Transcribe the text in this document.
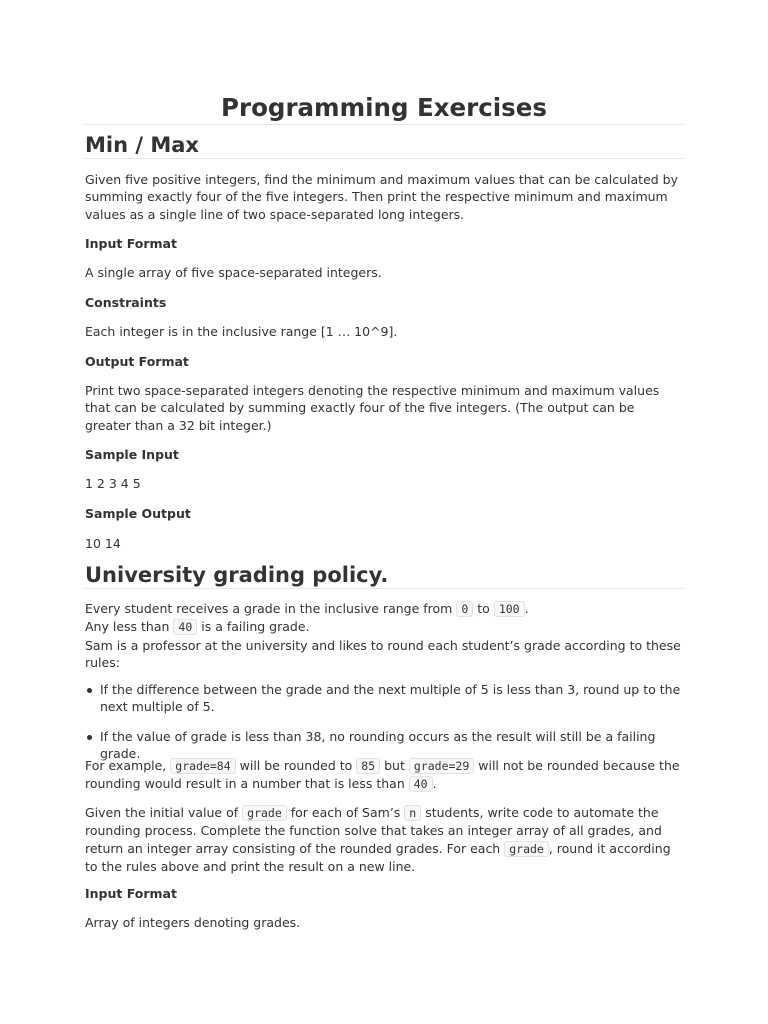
Programming Exercises
Min / Max

Given five positive integers, find the minimum and maximum values that can be calculated by summing exactly four of the five integers. Then print the respective minimum and maximum values as a single line of two space-separated long integers.

Input Format

A single array of five space-separated integers.

Constraints

Each integer is in the inclusive range [1 … 10^9].

Output Format

Print two space-separated integers denoting the respective minimum and maximum values that can be calculated by summing exactly four of the five integers. (The output can be greater than a 32 bit integer.)

Sample Input

1 2 3 4 5

Sample Output

10 14

University grading policy.
Every student receives a grade in the inclusive range from 0 to 100 .
Any less than 40 is a failing grade.
Sam is a professor at the university and likes to round each student’s grade according to these rules:
If the difference between the grade and the next multiple of 5 is less than 3, round up to the next multiple of 5.
If the value of grade is less than 38, no rounding occurs as the result will still be a failing grade.

For example, grade=84 will be rounded to 85 but grade=29 will not be rounded because the rounding would result in a number that is less than 40 .

Given the initial value of grade for each of Sam’s n students, write code to automate the rounding process. Complete the function solve that takes an integer array of all grades, and return an integer array consisting of the rounded grades. For each grade , round it according to the rules above and print the result on a new line.

Input Format

Array of integers denoting grades.
